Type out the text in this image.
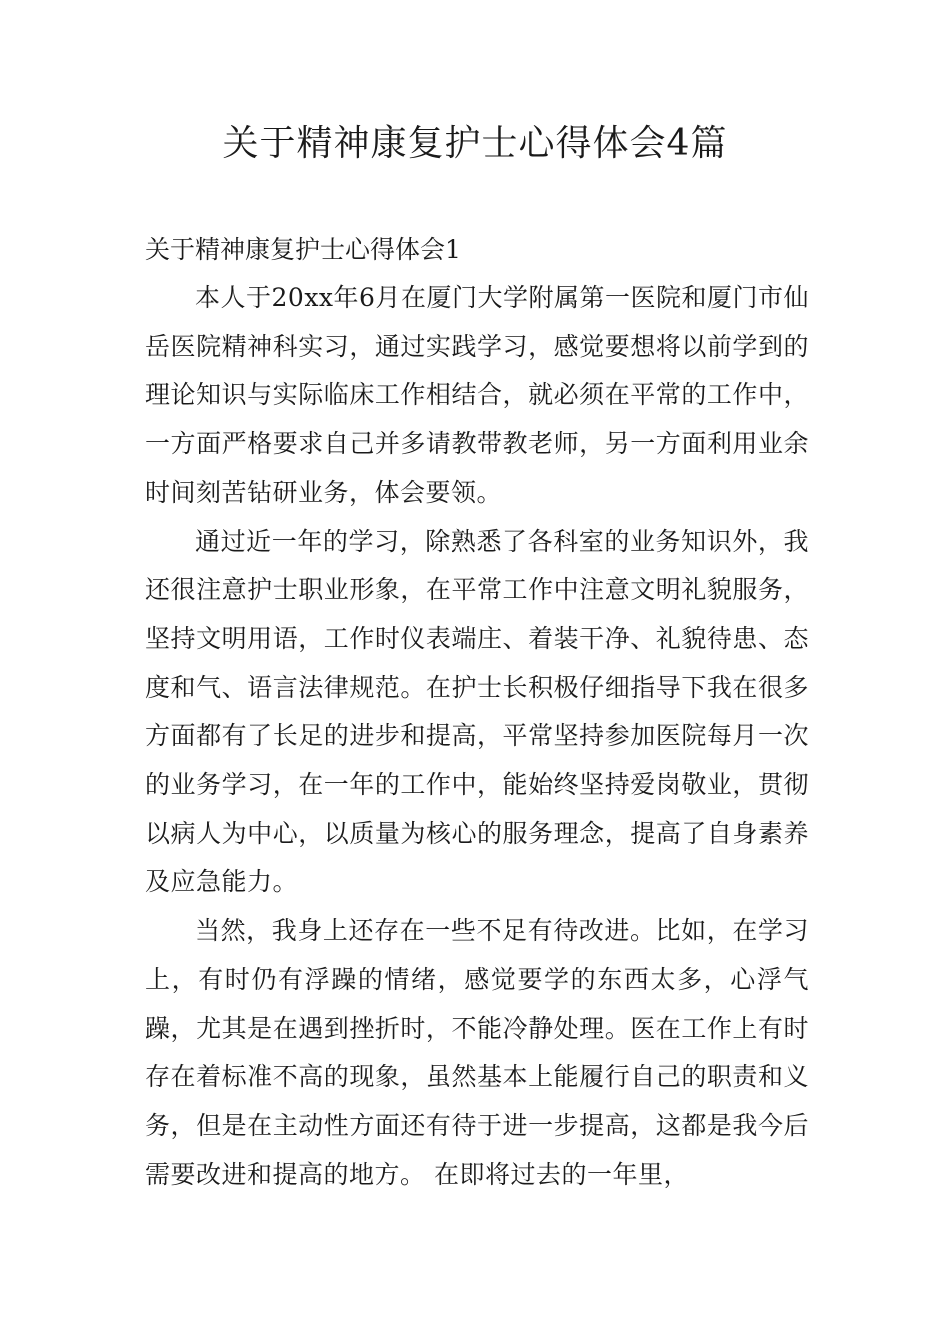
关于精神康复护士心得体会4篇

关于精神康复护士心得体会1

本人于20xx年6月在厦门大学附属第一医院和厦门市仙岳医院精神科实习，通过实践学习，感觉要想将以前学到的理论知识与实际临床工作相结合，就必须在平常的工作中，一方面严格要求自己并多请教带教老师，另一方面利用业余时间刻苦钻研业务，体会要领。

通过近一年的学习，除熟悉了各科室的业务知识外，我还很注意护士职业形象，在平常工作中注意文明礼貌服务，坚持文明用语，工作时仪表端庄、着装干净、礼貌待患、态度和气、语言法律规范。在护士长积极仔细指导下我在很多方面都有了长足的进步和提高，平常坚持参加医院每月一次的业务学习，在一年的工作中，能始终坚持爱岗敬业，贯彻以病人为中心，以质量为核心的服务理念，提高了自身素养及应急能力。

当然，我身上还存在一些不足有待改进。比如，在学习上，有时仍有浮躁的情绪，感觉要学的东西太多，心浮气躁，尤其是在遇到挫折时，不能冷静处理。医在工作上有时存在着标准不高的现象，虽然基本上能履行自己的职责和义务，但是在主动性方面还有待于进一步提高，这都是我今后需要改进和提高的地方。 在即将过去的一年里，
